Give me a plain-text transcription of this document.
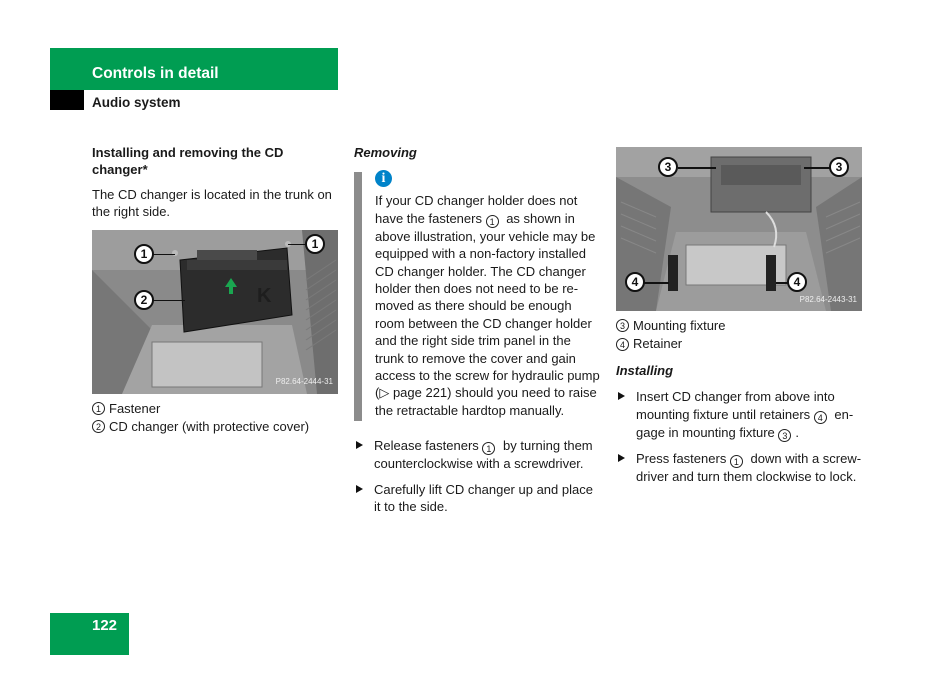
Controls in detail
Audio system
Installing and removing the CD changer*

The CD changer is located in the trunk on the right side.

K
1
1
2
P82.64-2444-31
1 Fastener
2 CD changer (with protective cover)
Removing
i
If your CD changer holder does not have the fasteners 1 as shown in above illustration, your vehicle may be equipped with a non-factory installed CD changer holder. The CD changer holder then does not need to be re-moved as there should be enough room between the CD changer holder and the right side trim panel in the trunk to remove the cover and gain access to the screw for hydraulic pump (▷ page 221) should you need to raise the retractable hardtop manually.
Release fasteners 1 by turning them counterclockwise with a screwdriver.
Carefully lift CD changer up and place it to the side.
3	3
4	4
P82.64-2443-31
3 Mounting fixture
4 Retainer
Installing
Insert CD changer from above into mounting fixture until retainers 4 en-gage in mounting fixture 3 .
Press fasteners 1 down with a screw-driver and turn them clockwise to lock.
122
